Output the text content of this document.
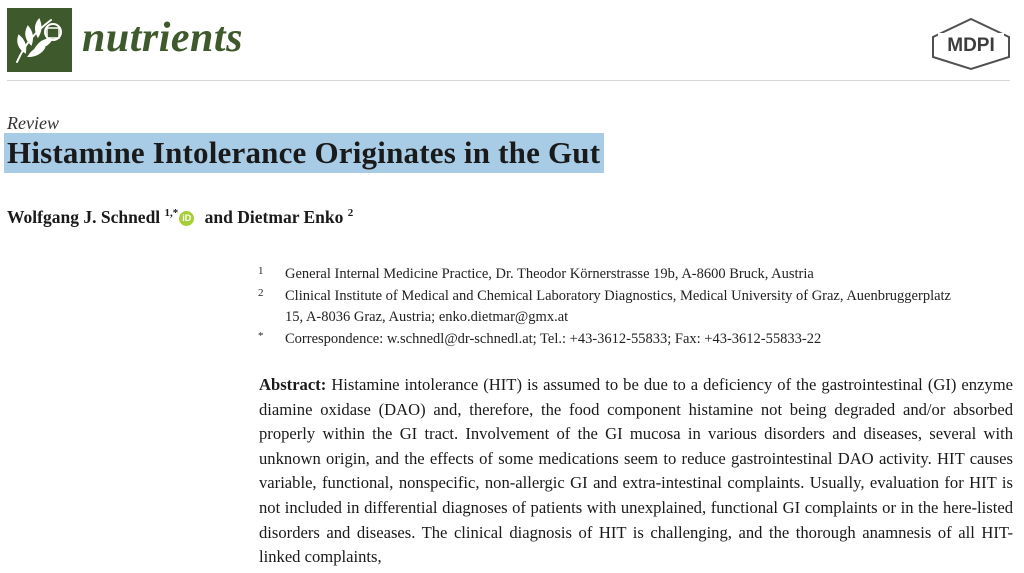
nutrients	MDPI
Review
Histamine Intolerance Originates in the Gut
Wolfgang J. Schnedl $^{1,*}$ iD and Dietmar Enko $^2$
1 General Internal Medicine Practice, Dr. Theodor Körnerstrasse 19b, A-8600 Bruck, Austria
2 Clinical Institute of Medical and Chemical Laboratory Diagnostics, Medical University of Graz, Auenbruggerplatz 15, A-8036 Graz, Austria; enko.dietmar@gmx.at
* Correspondence: w.schnedl@dr-schnedl.at; Tel.: +43-3612-55833; Fax: +43-3612-55833-22
Abstract: Histamine intolerance (HIT) is assumed to be due to a deficiency of the gastrointestinal (GI) enzyme diamine oxidase (DAO) and, therefore, the food component histamine not being degraded and/or absorbed properly within the GI tract. Involvement of the GI mucosa in various disorders and diseases, several with unknown origin, and the effects of some medications seem to reduce gastrointestinal DAO activity. HIT causes variable, functional, nonspecific, non-allergic GI and extra-intestinal complaints. Usually, evaluation for HIT is not included in differential diagnoses of patients with unexplained, functional GI complaints or in the here-listed disorders and diseases. The clinical diagnosis of HIT is challenging, and the thorough anamnesis of all HIT-linked complaints,
